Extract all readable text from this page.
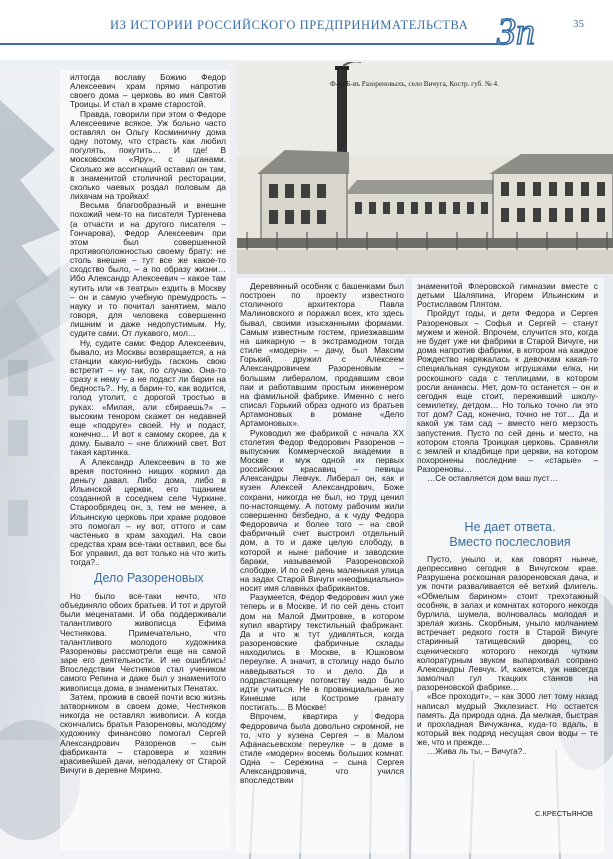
ИЗ ИСТОРИИ РОССИЙСКОГО ПРЕДПРИНИМАТЕЛЬСТВА Зп	35
Ф-ка Б-въ Разореновыхъ, село Вичуга, Костр. губ. № 4.

илтогда вославу Божию Федор Алексеевич храм прямо напротив своего дома – церковь во имя Святой Троицы. И стал в храме старостой.

Правда, говорили при этом о Федоре Алексеевиче всякое. Уж больно часто оставлял он Ольгу Косминичну дома одну потому, что страсть как любил погулять, покутить… И где! В московском «Яру», с цыганами. Сколько же ассигнаций оставил он там, в знаменитой столичной ресторации, сколько чаевых роздал половым да лихачам на тройках!

Весьма благообразный и внешне похожий чем-то на писателя Тургенева (а отчасти и на другого писателя – Гончарова), Федор Алексеевич при этом был совершенной противоположностью своему брату: не столь внешне – тут все же какое-то сходство было, – а по образу жизни… Ибо Александр Алексеевич – какое там кутить или «в театры» ездить в Москву – он и самую учебную премудрость – науку и то почитал занятием, мало говоря, для человека совершенно лишним и даже недопустимым. Ну, судите сами. От лукавого, мол…

Ну, судите сами: Федор Алексеевич, бывало, из Москвы возвращается, а на станции какую-нибудь гасконь свою встретит – ну так, по случаю. Она-то сразу к нему – а не подаст ли барин на бедность?.. Ну, а барин-то, как водится, голод утолит, с дорогой тростью в руках: «Милая, али сбираешь?» – высоким тенором скажет он недавней еще «подруге» своей. Ну и подаст, конечно… И вот к самому скорее, да к дому. Бывало – «не ближний свет. Вот такая картинка.

А Александр Алексеевич в то же время постоянно нищих кормил да деньгу давал. Либо дома, либо в Ильинской церкви, его тщанием созданной в соседнем селе Чуркине. Старообрядец он, з, тем не менее, а Ильинскую церковь при храме родовое это помогал – ну вот, оттого и сам частенько в храм заходил. На свои средства храм все-таки оставил, все бы Бог управил, да вот только на что жить тогда?..

Дело Разореновых

Но было все-таки нечто, что объединяло обоих братьев. И тот и другой были меценатами. И оба поддерживали талантливого живописца Ефима Честнякова. Примечательно, что талантливого молодого художника Разореновы рассмотрели еще на самой заре его деятельности. И не ошиблись! Впоследствии Честняков стал учеником самого Репина и даже был у знаменитого живописца дома, в знаменитых Пенатах.

Затем, прожив в своей почти всю жизнь затворником в своем доме, Честняков никогда не оставлял живописи. А когда скончались братья Разореновы, молодому художнику финансово помогал Сергей Александрович Разоренов – сын фабриканта – старовера и хозяин красивейшей дачи, неподалеку от Старой Вичуги в деревне Мярино.

Деревянный особняк с башенками был построен по проекту известного столичного архитектора Павла Малиновского и поражал всех, кто здесь бывал, своими изысканными формами. Самым известным гостем, приезжавшим на шикарную – в экстрамодном тогда стиле «модерн» – дачу, был Максим Горький, дружил с Алексеем Александровичем Разореновым – большим либералом, продавшим свои паи и работавшим простым инженером на фамильной фабрике. Именно с него списал Горький образ одного из братьев Артамоновых в романе «Дело Артамоновых».

Руководил же фабрикой с начала ХХ столетия Федор Федорович Разоренов – выпускник Коммерческой академии в Москве и муж одной их первых российских красавиц – певицы Александры Левчук. Либерал он, как и кузен Алексей Александрович, Боже сохрани, никогда не был, но труд ценил по-настоящему. А потому рабочим жили совершенно безбедно, а к чуду Федора Федоровича и более того – на свой фабричный счет выстроил отдельный дом, а то и даже целую слободу, в которой и ныне рабочие и заводские бараки, называемой Разореновской слободке. И по сей день маленькая улица на задах Старой Вичуги «неофициально» носит имя славных фабрикантов.

Разумеется, Федор Федорович жил уже теперь и в Москве. И по сей день стоит дом на Малой Дмитровке, в котором купил квартиру текстильный фабрикант. Да и что ж тут удивляться, когда разореновские фабричные склады находились в Москве, в Юшковом переулке. А значит, в столицу надо было наведываться то и дело. Да и подрастающему потомству надо было идти учиться. Не в провинциальные же Кинешме или Костроме гранату постигать… В Москве!

Впрочем, квартира у Федора Федоровича была довольно скромной, не то, что у кузена Сергея – в Малом Афанасьевском переулке – в доме в стиле «модерн» восемь больших комнат. Одна – Сережина – сына Сергея Александровича, что учился впоследствии

знаменитой Флеровской гимназии вместе с детьми Шаляпина, Игорем Ильинским и Ростиславом Плятом.

Пройдут годы, и дети Федора и Сергея Разореновых – Софья и Сергей – станут мужем и женой. Впрочем, случится это, когда не будет уже ни фабрики в Старой Вичуге, ни дома напротив фабрики, в котором на каждое Рождество наряжалась к девочкам какая-то специальная сундуком игрушками елка, ни роскошного сада с теплицами, в котором росли ананасы. Нет, дом-то останется – он и сегодня еще стоит, переживший школу-семилетку, детдом… Но только точно ли это тот дом? Сад, конечно, точно не тот… Да и какой уж там сад – вместо него мерзость запустения. Пусто по сей день и место, на котором стояла Троицкая церковь. Сравняли с землей и кладбище при церкви, на котором похоронены последние – «старые» – Разореновы…

…Се оставляется дом ваш пуст…

Не дает ответа.
Вместо послесловия

Пусто, уныло и, как говорят нынче, депрессивно сегодня в Вичугском крае. Разрушена роскошная разореновская дача, и уж почти разваливается её ветхий флигель. «Обмелым барином» стоит трехэтажный особняк, в залах и комнатах которого некогда бурлила, шумела, волновалась молодая и зрелая жизнь. Скорбным, уныло молчанием встречает редкого гостя в Старой Вичуге старинный татищевский дворец, со сценического которого некогда чутким колоратурным звуком выпархивал сопрано Александры Левчук. И, кажется, уж навсегда замолчал гул ткацких станков на разореновской фабрике…

«Все проходит», – как 3000 лет тому назад написал мудрый Экклезиаст. Но остается память. Да природа одна. Да мелкая, быстрая и прохладная Вичужанка, куда-то вдаль, в который век подряд несущая свои воды – те же, что и прежде…

…Жива ль ты, – Вичуга?..

С.КРЕСТЬЯНОВ
